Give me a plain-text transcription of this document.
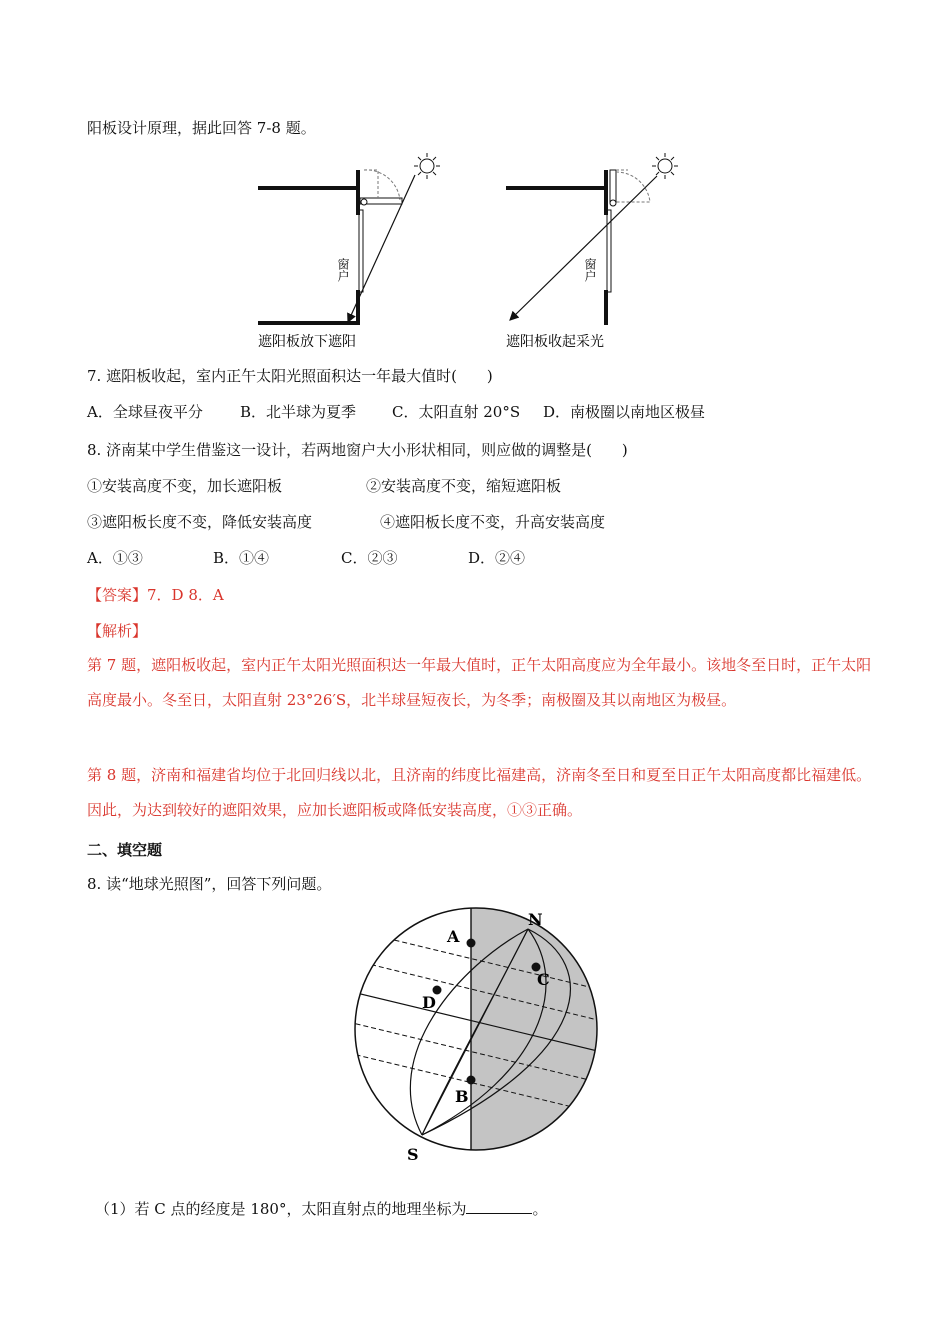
阳板设计原理，据此回答 7-8 题。
窗户	窗户
遮阳板放下遮阳	遮阳板收起采光
7. 遮阳板收起，室内正午太阳光照面积达一年最大值时(　　)
A．全球昼夜平分 B．北半球为夏季 C．太阳直射 20°S D．南极圈以南地区极昼
8. 济南某中学生借鉴这一设计，若两地窗户大小形状相同，则应做的调整是(　　)
①安装高度不变，加长遮阳板	②安装高度不变，缩短遮阳板
③遮阳板长度不变，降低安装高度	④遮阳板长度不变，升高安装高度
A．①③	B．①④	C．②③	D．②④
【答案】7．D 8．A
【解析】
第 7 题，遮阳板收起，室内正午太阳光照面积达一年最大值时，正午太阳高度应为全年最小。该地冬至日时，正午太阳高度最小。冬至日，太阳直射 23°26′S，北半球昼短夜长，为冬季；南极圈及其以南地区为极昼。
第 8 题，济南和福建省均位于北回归线以北，且济南的纬度比福建高，济南冬至日和夏至日正午太阳高度都比福建低。因此，为达到较好的遮阳效果，应加长遮阳板或降低安装高度，①③正确。
二、填空题
8. 读“地球光照图”，回答下列问题。
N
S
A
B
C
D
（1）若 C 点的经度是 180°，太阳直射点的地理坐标为	。
